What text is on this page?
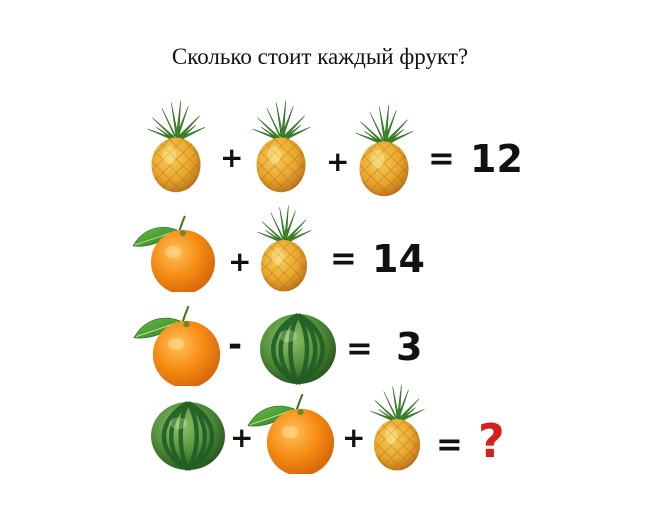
Сколько стоит каждый фрукт?
+	+ = 12
+ = 14
-	= 3
+	+ = ?
